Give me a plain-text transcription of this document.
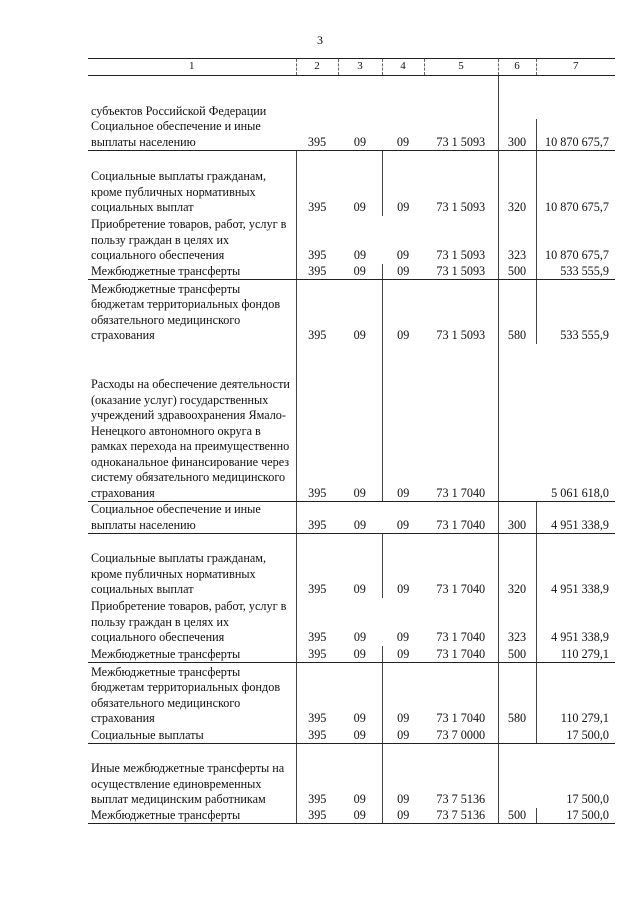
3
1	2	3	4	5	6	7
субъектов Российской Федерации						
Социальное обеспечение и иные выплаты населению	395	09	09	73 1 5093	300	10 870 675,7
Социальные выплаты гражданам, кроме публичных нормативных социальных выплат	395	09	09	73 1 5093	320	10 870 675,7
Приобретение товаров, работ, услуг в пользу граждан в целях их социального обеспечения	395	09	09	73 1 5093	323	10 870 675,7
Межбюджетные трансферты	395	09	09	73 1 5093	500	533 555,9
Межбюджетные трансферты бюджетам территориальных фондов обязательного медицинского страхования	395	09	09	73 1 5093	580	533 555,9
Расходы на обеспечение деятельности (оказание услуг) государственных учреждений здравоохранения Ямало-Ненецкого автономного округа в рамках перехода на преимущественно одноканальное финансирование через систему обязательного медицинского страхования	395	09	09	73 1 7040		5 061 618,0
Социальное обеспечение и иные выплаты населению	395	09	09	73 1 7040	300	4 951 338,9
Социальные выплаты гражданам, кроме публичных нормативных социальных выплат	395	09	09	73 1 7040	320	4 951 338,9
Приобретение товаров, работ, услуг в пользу граждан в целях их социального обеспечения	395	09	09	73 1 7040	323	4 951 338,9
Межбюджетные трансферты	395	09	09	73 1 7040	500	110 279,1
Межбюджетные трансферты бюджетам территориальных фондов обязательного медицинского страхования	395	09	09	73 1 7040	580	110 279,1
Социальные выплаты	395	09	09	73 7 0000		17 500,0
Иные межбюджетные трансферты на осуществление единовременных выплат медицинским работникам	395	09	09	73 7 5136		17 500,0
Межбюджетные трансферты	395	09	09	73 7 5136	500	17 500,0
